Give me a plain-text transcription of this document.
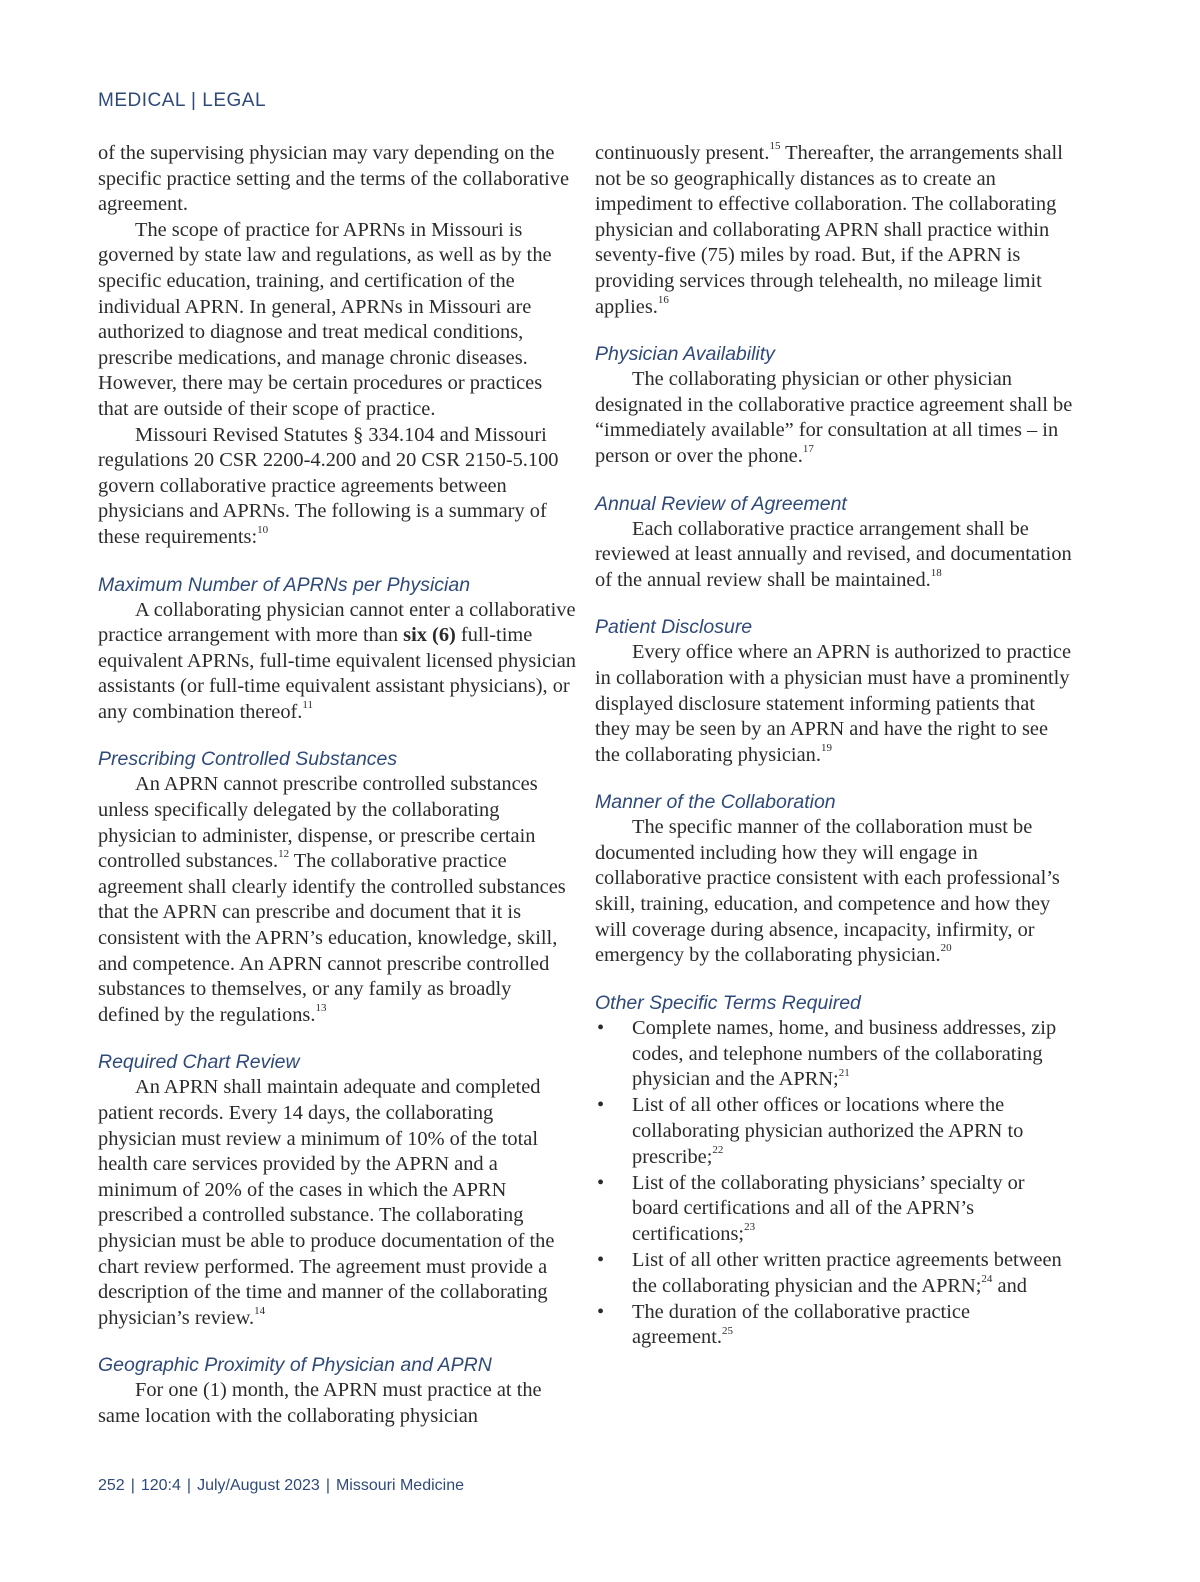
MEDICAL | LEGAL

of the supervising physician may vary depending on the specific practice setting and the terms of the collaborative agreement.

The scope of practice for APRNs in Missouri is governed by state law and regulations, as well as by the specific education, training, and certification of the individual APRN. In general, APRNs in Missouri are authorized to diagnose and treat medical conditions, prescribe medications, and manage chronic diseases. However, there may be certain procedures or practices that are outside of their scope of practice.

Missouri Revised Statutes § 334.104 and Missouri regulations 20 CSR 2200-4.200 and 20 CSR 2150-5.100 govern collaborative practice agreements between physicians and APRNs. The following is a summary of these requirements:$^{10}$

Maximum Number of APRNs per Physician

A collaborating physician cannot enter a collaborative practice arrangement with more than six (6) full-time equivalent APRNs, full-time equivalent licensed physician assistants (or full-time equivalent assistant physicians), or any combination thereof.$^{11}$

Prescribing Controlled Substances

An APRN cannot prescribe controlled substances unless specifically delegated by the collaborating physician to administer, dispense, or prescribe certain controlled substances.$^{12}$ The collaborative practice agreement shall clearly identify the controlled substances that the APRN can prescribe and document that it is consistent with the APRN’s education, knowledge, skill, and competence. An APRN cannot prescribe controlled substances to themselves, or any family as broadly defined by the regulations.$^{13}$

Required Chart Review

An APRN shall maintain adequate and completed patient records. Every 14 days, the collaborating physician must review a minimum of 10% of the total health care services provided by the APRN and a minimum of 20% of the cases in which the APRN prescribed a controlled substance. The collaborating physician must be able to produce documentation of the chart review performed. The agreement must provide a description of the time and manner of the collaborating physician’s review.$^{14}$

Geographic Proximity of Physician and APRN

For one (1) month, the APRN must practice at the same location with the collaborating physician

continuously present.$^{15}$ Thereafter, the arrangements shall not be so geographically distances as to create an impediment to effective collaboration. The collaborating physician and collaborating APRN shall practice within seventy-five (75) miles by road. But, if the APRN is providing services through telehealth, no mileage limit applies.$^{16}$

Physician Availability

The collaborating physician or other physician designated in the collaborative practice agreement shall be “immediately available” for consultation at all times – in person or over the phone.$^{17}$

Annual Review of Agreement

Each collaborative practice arrangement shall be reviewed at least annually and revised, and documentation of the annual review shall be maintained.$^{18}$

Patient Disclosure

Every office where an APRN is authorized to practice in collaboration with a physician must have a prominently displayed disclosure statement informing patients that they may be seen by an APRN and have the right to see the collaborating physician.$^{19}$

Manner of the Collaboration

The specific manner of the collaboration must be documented including how they will engage in collaborative practice consistent with each professional’s skill, training, education, and competence and how they will coverage during absence, incapacity, infirmity, or emergency by the collaborating physician.$^{20}$

Other Specific Terms Required
• Complete names, home, and business addresses, zip codes, and telephone numbers of the collaborating physician and the APRN;$^{21}$
• List of all other offices or locations where the collaborating physician authorized the APRN to prescribe;$^{22}$
• List of the collaborating physicians’ specialty or board certifications and all of the APRN’s certifications;$^{23}$
• List of all other written practice agreements between the collaborating physician and the APRN;$^{24}$ and
• The duration of the collaborative practice agreement.$^{25}$
252 | 120:4 | July/August 2023 | Missouri Medicine
